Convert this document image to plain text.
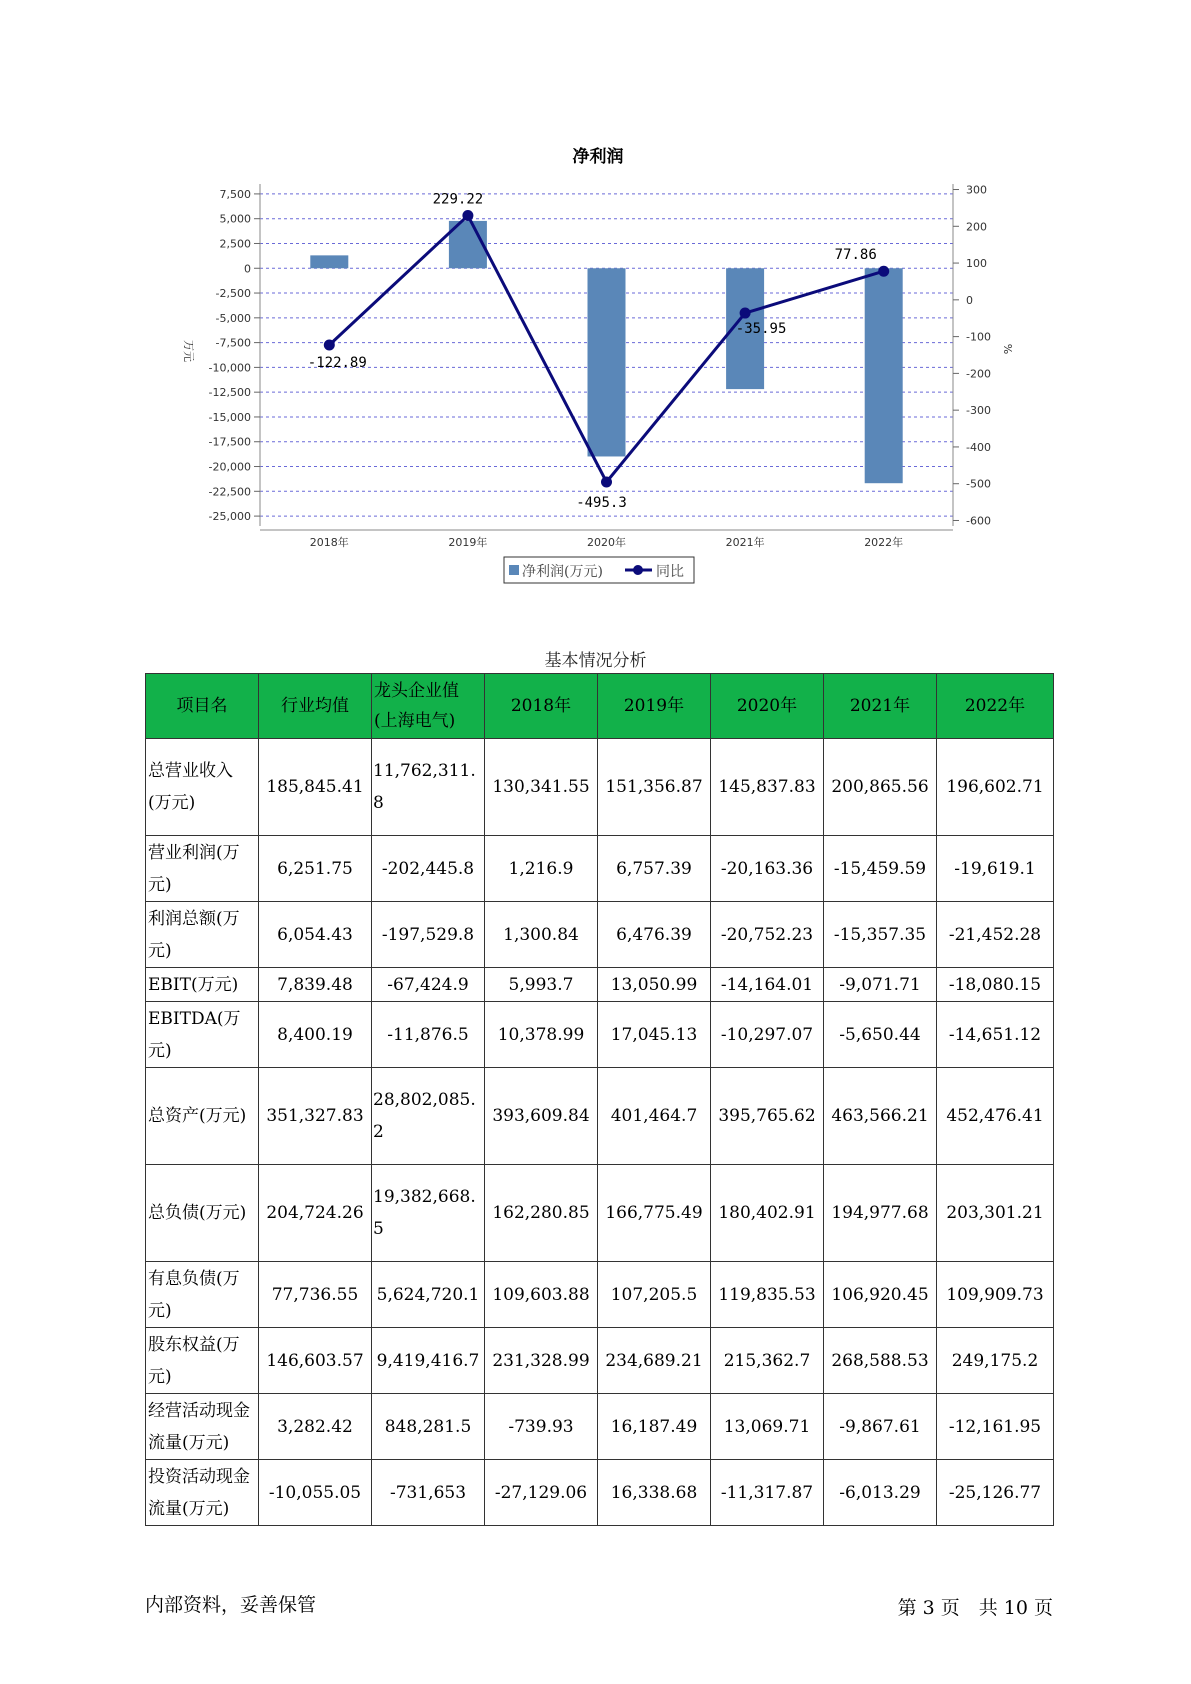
净利润
7,500
5,000
2,500
0
-2,500
-5,000
-7,500
-10,000
-12,500
-15,000
-17,500
-20,000
-22,500
-25,000
300
200
100
0
-100
-200
-300
-400
-500
-600
2018年	2019年	2020年	2021年	2022年
-122.89
229.22
-495.3
-35.95
77.86
万元	%
净利润(万元)	同比
基本情况分析
项目名	行业均值	龙头企业值(上海电气)	2018年	2019年	2020年	2021年	2022年
总营业收入(万元)	185,845.41	11,762,311.8	130,341.55	151,356.87	145,837.83	200,865.56	196,602.71
营业利润(万元)	6,251.75	-202,445.8	1,216.9	6,757.39	-20,163.36	-15,459.59	-19,619.1
利润总额(万元)	6,054.43	-197,529.8	1,300.84	6,476.39	-20,752.23	-15,357.35	-21,452.28
EBIT(万元)	7,839.48	-67,424.9	5,993.7	13,050.99	-14,164.01	-9,071.71	-18,080.15
EBITDA(万元)	8,400.19	-11,876.5	10,378.99	17,045.13	-10,297.07	-5,650.44	-14,651.12
总资产(万元)	351,327.83	28,802,085.2	393,609.84	401,464.7	395,765.62	463,566.21	452,476.41
总负债(万元)	204,724.26	19,382,668.5	162,280.85	166,775.49	180,402.91	194,977.68	203,301.21
有息负债(万元)	77,736.55	5,624,720.1	109,603.88	107,205.5	119,835.53	106,920.45	109,909.73
股东权益(万元)	146,603.57	9,419,416.7	231,328.99	234,689.21	215,362.7	268,588.53	249,175.2
经营活动现金流量(万元)	3,282.42	848,281.5	-739.93	16,187.49	13,069.71	-9,867.61	-12,161.95
投资活动现金流量(万元)	-10,055.05	-731,653	-27,129.06	16,338.68	-11,317.87	-6,013.29	-25,126.77
内部资料，妥善保管	第 3 页　共 10 页
